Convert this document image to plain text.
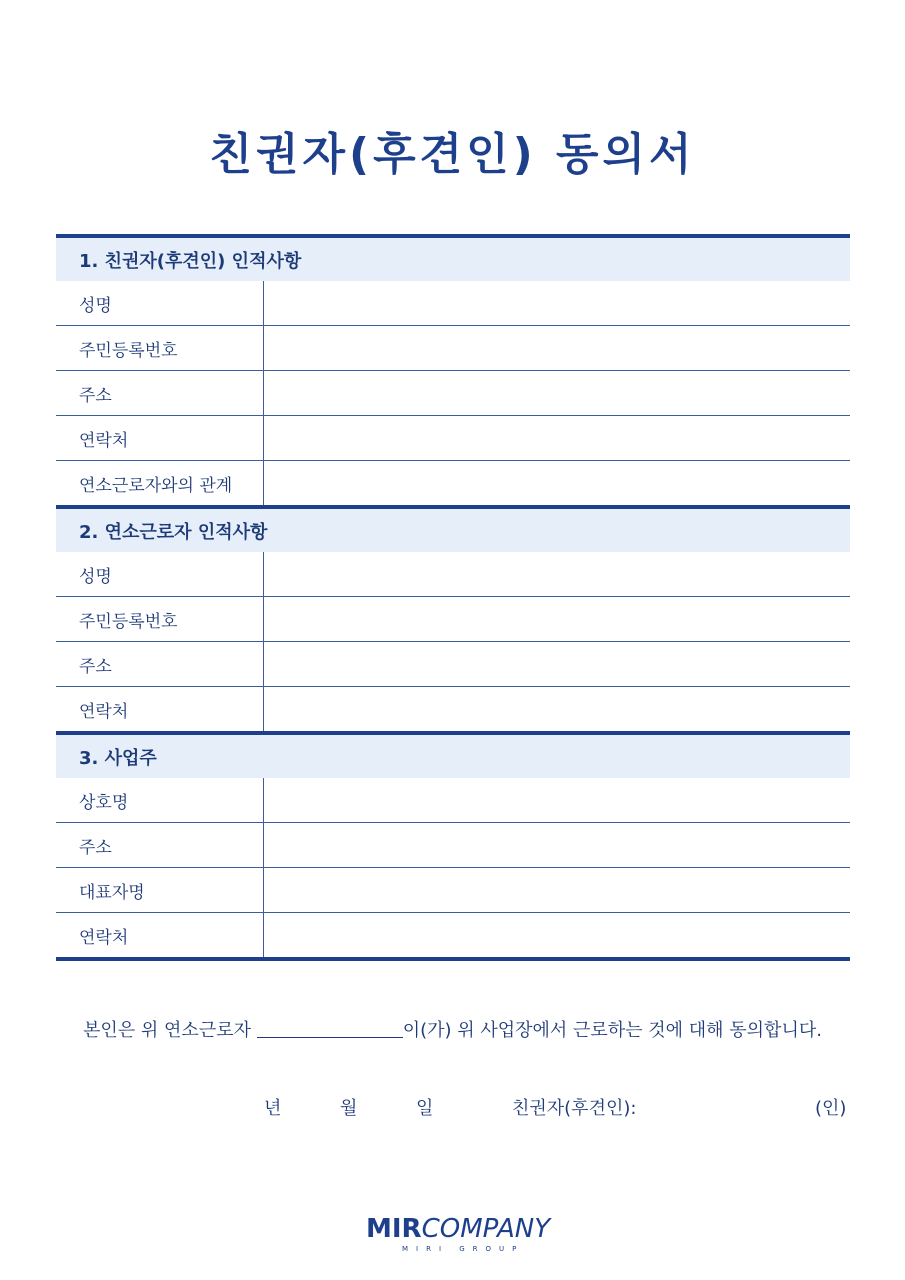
친권자(후견인) 동의서
1. 친권자(후견인) 인적사항	
성명	
주민등록번호	
주소	
연락처	
연소근로자와의 관계	
2. 연소근로자 인적사항	
성명	
주민등록번호	
주소	
연락처	
3. 사업주	
상호명	
주소	
대표자명	
연락처	
본인은 위 연소근로자	이(가) 위 사업장에서 근로하는 것에 대해 동의합니다.
년	월	일	친권자(후견인):	(인)
MIRCOMPANY
MIRI GROUP
